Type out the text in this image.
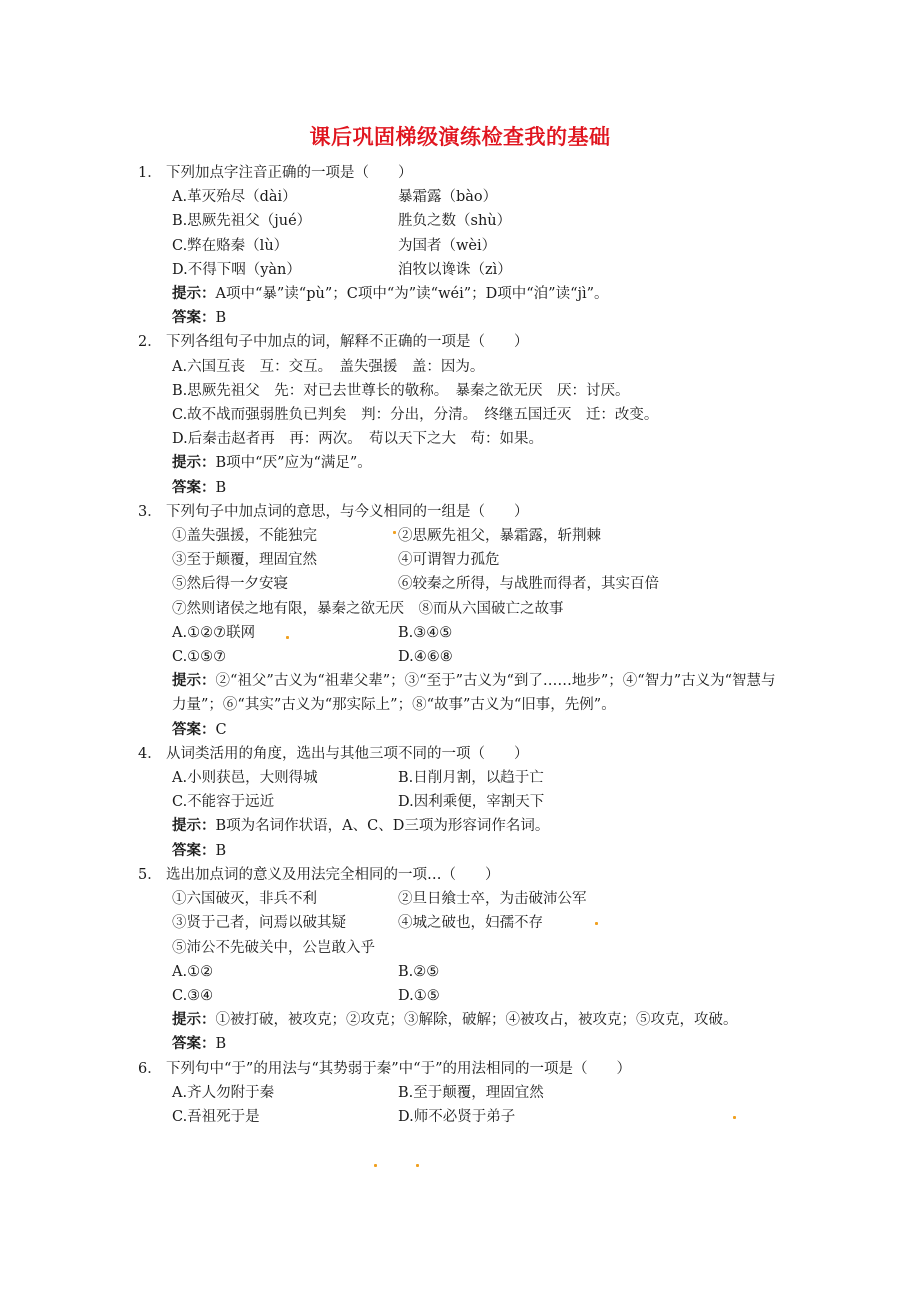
课后巩固梯级演练检查我的基础
1． 下列加点字注音正确的一项是（　　）
A.革灭殆尽（dài）	暴霜露（bào）
B.思厥先祖父（jué）	胜负之数（shù）
C.弊在赂秦（lù）	为国者（wèi）
D.不得下咽（yàn）	洎牧以谗诛（zì）
提示：A项中“暴”读“pù”；C项中“为”读“wéi”；D项中“洎”读“jì”。
答案：B
2． 下列各组句子中加点的词，解释不正确的一项是（　　）
A.六国互丧　互：交互。　盖失强援　盖：因为。
B.思厥先祖父　先：对已去世尊长的敬称。　暴秦之欲无厌　厌：讨厌。
C.故不战而强弱胜负已判矣　判：分出，分清。　终继五国迁灭　迁：改变。
D.后秦击赵者再　再：两次。　苟以天下之大　苟：如果。
提示：B项中“厌”应为“满足”。
答案：B
3． 下列句子中加点词的意思，与今义相同的一组是（　　）
①盖失强援，不能独完	②思厥先祖父，暴霜露，斩荆棘
③至于颠覆，理固宜然	④可谓智力孤危
⑤然后得一夕安寝	⑥较秦之所得，与战胜而得者，其实百倍
⑦然则诸侯之地有限，暴秦之欲无厌　 ⑧而从六国破亡之故事
A.①②⑦联网	B.③④⑤
C.①⑤⑦	D.④⑥⑧
提示：②“祖父”古义为“祖辈父辈”；③“至于”古义为“到了……地步”；④“智力”古义为“智慧与力量”；⑥“其实”古义为“那实际上”；⑧“故事”古义为“旧事，先例”。
答案：C
4． 从词类活用的角度，选出与其他三项不同的一项（　　）
A.小则获邑，大则得城	B.日削月割，以趋于亡
C.不能容于远近	D.因利乘便，宰割天下
提示：B项为名词作状语，A、C、D三项为形容词作名词。
答案：B
5． 选出加点词的意义及用法完全相同的一项…（　　）
①六国破灭，非兵不利	②旦日飨士卒，为击破沛公军
③贤于己者，问焉以破其疑	④城之破也，妇孺不存
⑤沛公不先破关中，公岂敢入乎
A.①②	B.②⑤
C.③④	D.①⑤
提示：①被打破，被攻克；②攻克；③解除，破解；④被攻占，被攻克；⑤攻克，攻破。
答案：B
6． 下列句中“于”的用法与“其势弱于秦”中“于”的用法相同的一项是（　　）
A.齐人勿附于秦	B.至于颠覆，理固宜然
C.吾祖死于是	D.师不必贤于弟子
